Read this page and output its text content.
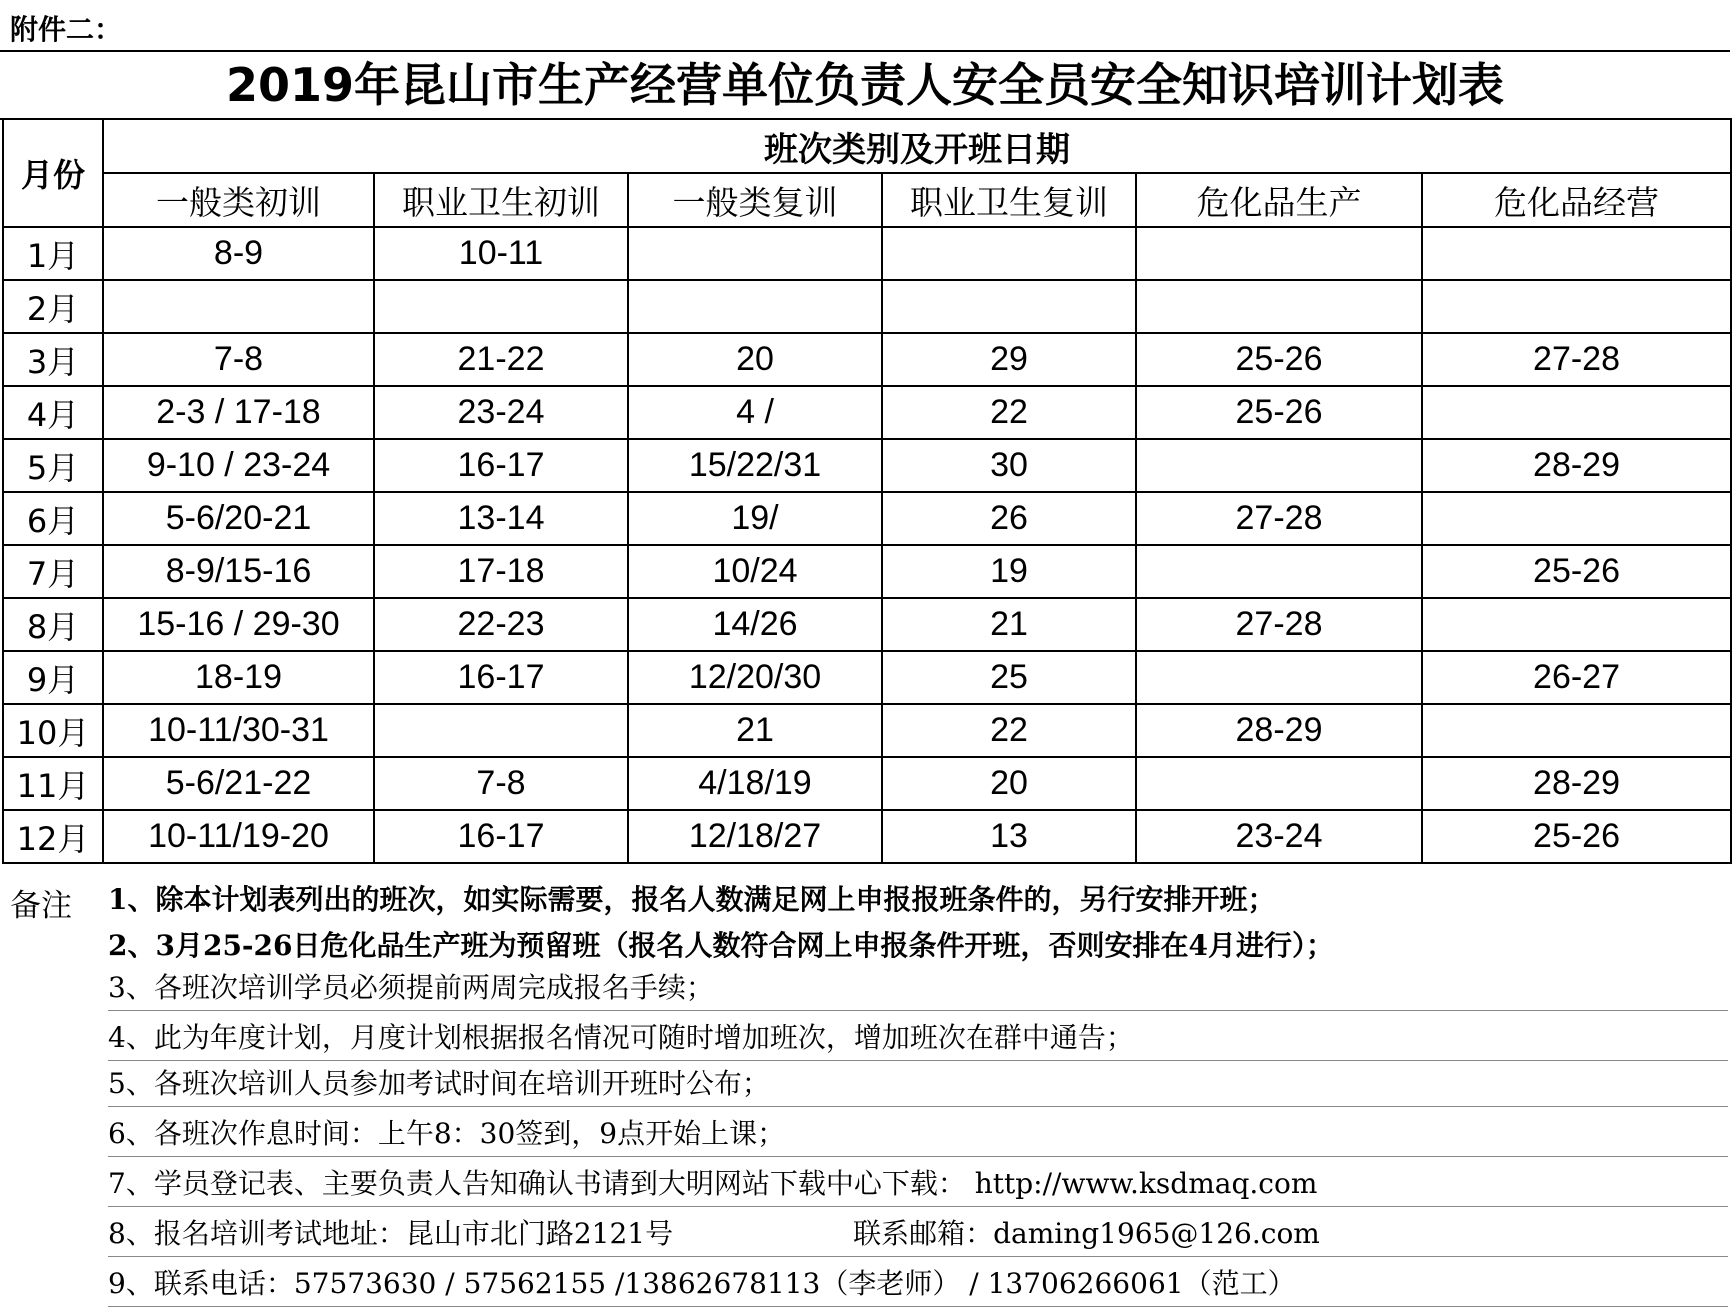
附件二：
2019年昆山市生产经营单位负责人安全员安全知识培训计划表
月份	班次类别及开班日期					
	一般类初训	职业卫生初训	一般类复训	职业卫生复训	危化品生产	危化品经营
1月	8-9	10-11				
2月						
3月	7-8	21-22	20	29	25-26	27-28
4月	2-3 / 17-18	23-24	4 /	22	25-26	
5月	9-10 / 23-24	16-17	15/22/31	30		28-29
6月	5-6/20-21	13-14	19/	26	27-28	
7月	8-9/15-16	17-18	10/24	19		25-26
8月	15-16 / 29-30	22-23	14/26	21	27-28	
9月	18-19	16-17	12/20/30	25		26-27
10月	10-11/30-31		21	22	28-29	
11月	5-6/21-22	7-8	4/18/19	20		28-29
12月	10-11/19-20	16-17	12/18/27	13	23-24	25-26
备注 1、除本计划表列出的班次，如实际需要，报名人数满足网上申报报班条件的，另行安排开班；
2、3月25-26日危化品生产班为预留班（报名人数符合网上申报条件开班，否则安排在4月进行）；
3、各班次培训学员必须提前两周完成报名手续；
4、此为年度计划，月度计划根据报名情况可随时增加班次，增加班次在群中通告；
5、各班次培训人员参加考试时间在培训开班时公布；
6、各班次作息时间：上午8：30签到，9点开始上课；
7、学员登记表、主要负责人告知确认书请到大明网站下载中心下载： http://www.ksdmaq.com
8、报名培训考试地址：昆山市北门路2121号	联系邮箱：daming1965@126.com
9、联系电话：57573630 / 57562155 /13862678113（李老师） / 13706266061（范工）
